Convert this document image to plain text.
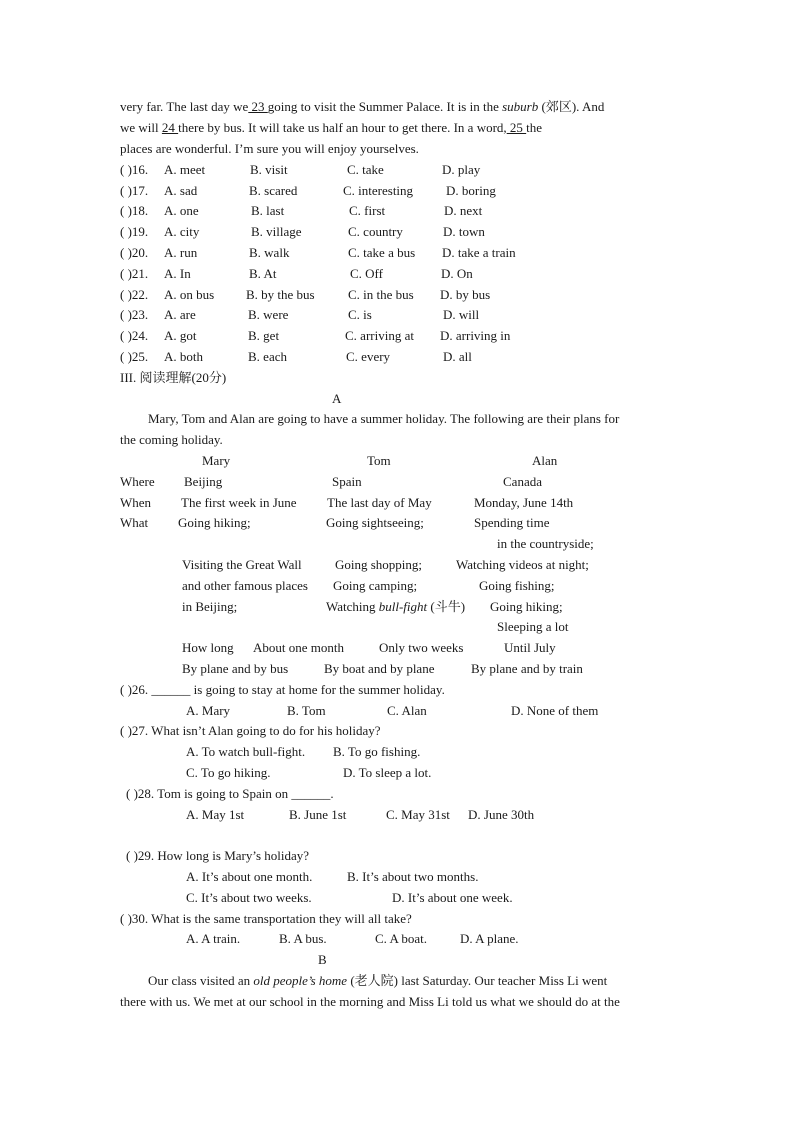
very far. The last day we 23 going to visit the Summer Palace. It is in the suburb (郊区). And
we will 24 there by bus. It will take us half an hour to get there. In a word, 25 the
places are wonderful. I’m sure you will enjoy yourselves.
( )16. A. meet	B. visit	C. take	D. play
( )17. A. sad	B. scared	C. interesting	D. boring
( )18. A. one	B. last	C. first	D. next
( )19. A. city	B. village	C. country	D. town
( )20. A. run	B. walk	C. take a bus D. take a train
( )21. A. In	B. At	C. Off	D. On
( )22. A. on bus B. by the bus	C. in the bus D. by bus
( )23. A. are	B. were	C. is	D. will
( )24. A. got	B. get	C. arriving at D. arriving in
( )25. A. both	B. each	C. every	D. all
III. 阅读理解(20分)
A
Mary, Tom and Alan are going to have a summer holiday. The following are their plans for
the coming holiday.
Mary	Tom	Alan
Where Beijing	Spain	Canada
When The first week in June The last day of May	Monday, June 14th
What Going hiking;	Going sightseeing;	Spending time
in the countryside;
Visiting the Great Wall	Going shopping;	Watching videos at night;
and other famous places Going camping;	Going fishing;
in Beijing;	Watching bull-fight (斗牛) Going hiking;
Sleeping a lot
How long About one month	Only two weeks	Until July
By plane and by bus	By boat and by plane	By plane and by train
( )26. ______ is going to stay at home for the summer holiday.
A. Mary	B. Tom	C. Alan	D. None of them
( )27. What isn’t Alan going to do for his holiday?
A. To watch bull-fight. B. To go fishing.
C. To go hiking.	D. To sleep a lot.
( )28. Tom is going to Spain on ______.
A. May 1st	B. June 1st	C. May 31st D. June 30th
( )29. How long is Mary’s holiday?
A. It’s about one month.	B. It’s about two months.
C. It’s about two weeks.	D. It’s about one week.
( )30. What is the same transportation they will all take?
A. A train.	B. A bus.	C. A boat.	D. A plane.
B
Our class visited an old people’s home (老人院) last Saturday. Our teacher Miss Li went
there with us. We met at our school in the morning and Miss Li told us what we should do at the
